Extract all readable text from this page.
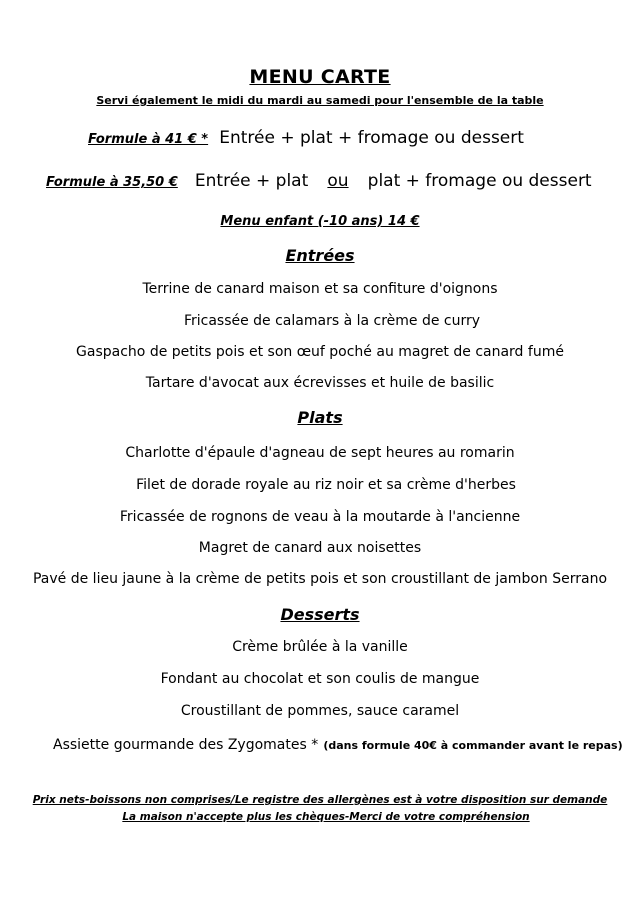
MENU CARTE
Servi également le midi du mardi au samedi pour l'ensemble de la table
Formule à 41 € * Entrée + plat + fromage ou dessert
Formule à 35,50 € Entrée + plat ou plat + fromage ou dessert
Menu enfant (-10 ans) 14 €
Entrées
Terrine de canard maison et sa confiture d'oignons
Fricassée de calamars à la crème de curry
Gaspacho de petits pois et son œuf poché au magret de canard fumé
Tartare d'avocat aux écrevisses et huile de basilic
Plats
Charlotte d'épaule d'agneau de sept heures au romarin
Filet de dorade royale au riz noir et sa crème d'herbes
Fricassée de rognons de veau à la moutarde à l'ancienne
Magret de canard aux noisettes
Pavé de lieu jaune à la crème de petits pois et son croustillant de jambon Serrano
Desserts
Crème brûlée à la vanille
Fondant au chocolat et son coulis de mangue
Croustillant de pommes, sauce caramel
Assiette gourmande des Zygomates * (dans formule 40€ à commander avant le repas)
Prix nets-boissons non comprises/Le registre des allergènes est à votre disposition sur demande
La maison n'accepte plus les chèques-Merci de votre compréhension
